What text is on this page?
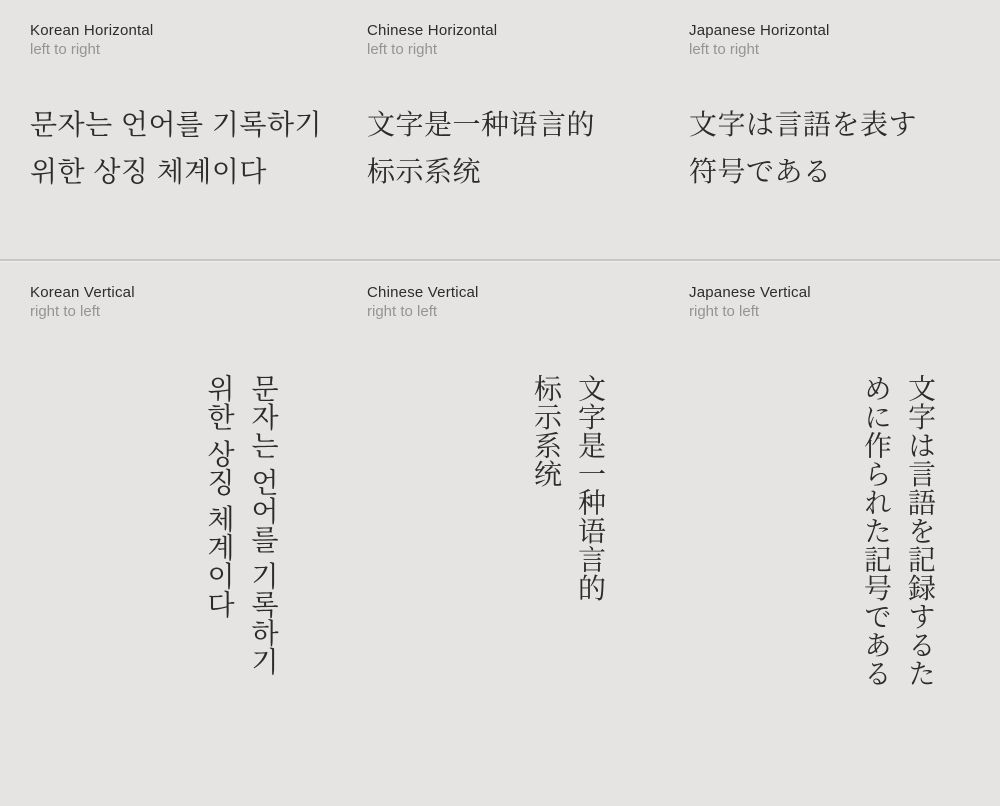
Korean Horizontal
left to right
문자는 언어를 기록하기
위한 상징 체계이다
Chinese Horizontal
left to right
文字是一种语言的
标示系统
Japanese Horizontal
left to right
文字は言語を表す
符号である
Korean Vertical
right to left
문자는 언어를 기록하기
위한 상징 체계이다
Chinese Vertical
right to left
文字是一种语言的
标示系统
Japanese Vertical
right to left
文字は言語を記録するた
めに作られた記号である
